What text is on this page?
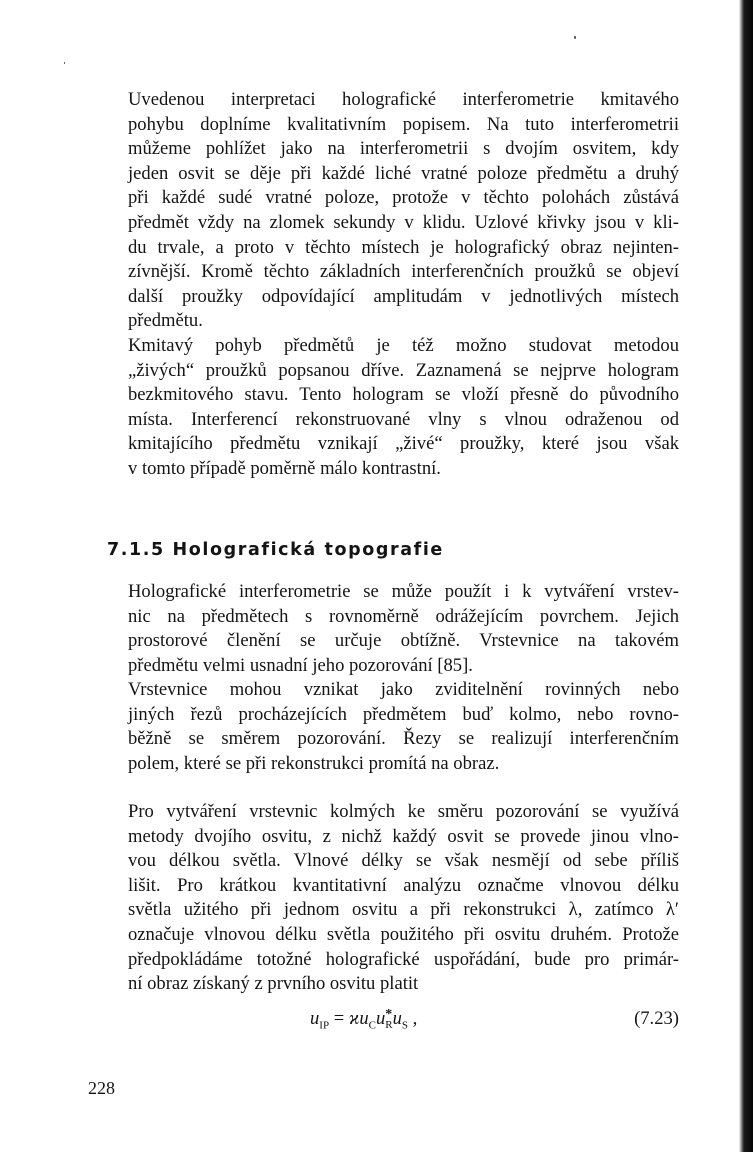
Uvedenou interpretaci holografické interferometrie kmitavého
pohybu doplníme kvalitativním popisem. Na tuto interferometrii
můžeme pohlížet jako na interferometrii s dvojím osvitem, kdy
jeden osvit se děje při každé liché vratné poloze předmětu a druhý
při každé sudé vratné poloze, protože v těchto polohách zůstává
předmět vždy na zlomek sekundy v klidu. Uzlové křivky jsou v kli-
du trvale, a proto v těchto místech je holografický obraz nejinten-
zívnější. Kromě těchto základních interferenčních proužků se objeví
další proužky odpovídající amplitudám v jednotlivých místech
předmětu.

Kmitavý pohyb předmětů je též možno studovat metodou
„živých“ proužků popsanou dříve. Zaznamená se nejprve hologram
bezkmitového stavu. Tento hologram se vloží přesně do původního
místa. Interferencí rekonstruované vlny s vlnou odraženou od
kmitajícího předmětu vznikají „živé“ proužky, které jsou však
v tomto případě poměrně málo kontrastní.

7.1.5 Holografická topografie

Holografické interferometrie se může použít i k vytváření vrstev-
nic na předmětech s rovnoměrně odrážejícím povrchem. Jejich
prostorové členění se určuje obtížně. Vrstevnice na takovém
předmětu velmi usnadní jeho pozorování [85].

Vrstevnice mohou vznikat jako zviditelnění rovinných nebo
jiných řezů procházejících předmětem buď kolmo, nebo rovno-
běžně se směrem pozorování. Řezy se realizují interferenčním
polem, které se při rekonstrukci promítá na obraz.

Pro vytváření vrstevnic kolmých ke směru pozorování se využívá
metody dvojího osvitu, z nichž každý osvit se provede jinou vlno-
vou délkou světla. Vlnové délky se však nesmějí od sebe příliš
lišit. Pro krátkou kvantitativní analýzu označme vlnovou délku
světla užitého při jednom osvitu a při rekonstrukci λ, zatímco λ′
označuje vlnovou délku světla použitého při osvitu druhém. Protože
předpokládáme totožné holografické uspořádání, bude pro primár-
ní obraz získaný z prvního osvitu platit

$u_{IP} = ϰu_Cu$ *
R $u_S$ ,	(7.23)
228
